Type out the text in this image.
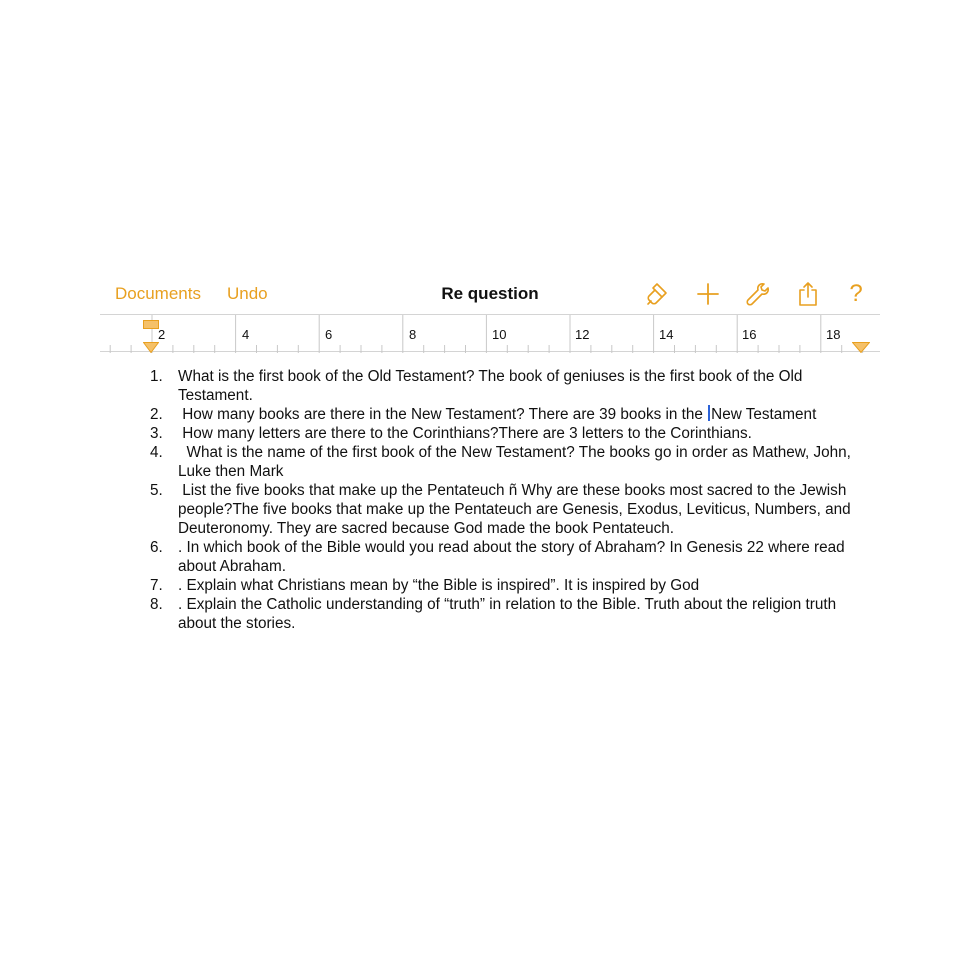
Documents Undo	Re question	?
2	4	6	8	10	12	14	16	18
1. What is the first book of the Old Testament? The book of geniuses is the first book of the Old Testament.
2. How many books are there in the New Testament? There are 39 books in the New Testament
3. How many letters are there to the Corinthians?There are 3 letters to the Corinthians.
4. What is the name of the first book of the New Testament? The books go in order as Mathew, John, Luke then Mark
5. List the five books that make up the Pentateuch ñ Why are these books most sacred to the Jewish people?The five books that make up the Pentateuch are Genesis, Exodus, Leviticus, Numbers, and Deuteronomy. They are sacred because God made the book Pentateuch.
6. . In which book of the Bible would you read about the story of Abraham? In Genesis 22 where read about Abraham.
7. . Explain what Christians mean by “the Bible is inspired”. It is inspired by God
8. . Explain the Catholic understanding of “truth” in relation to the Bible. Truth about the religion truth about the stories.
